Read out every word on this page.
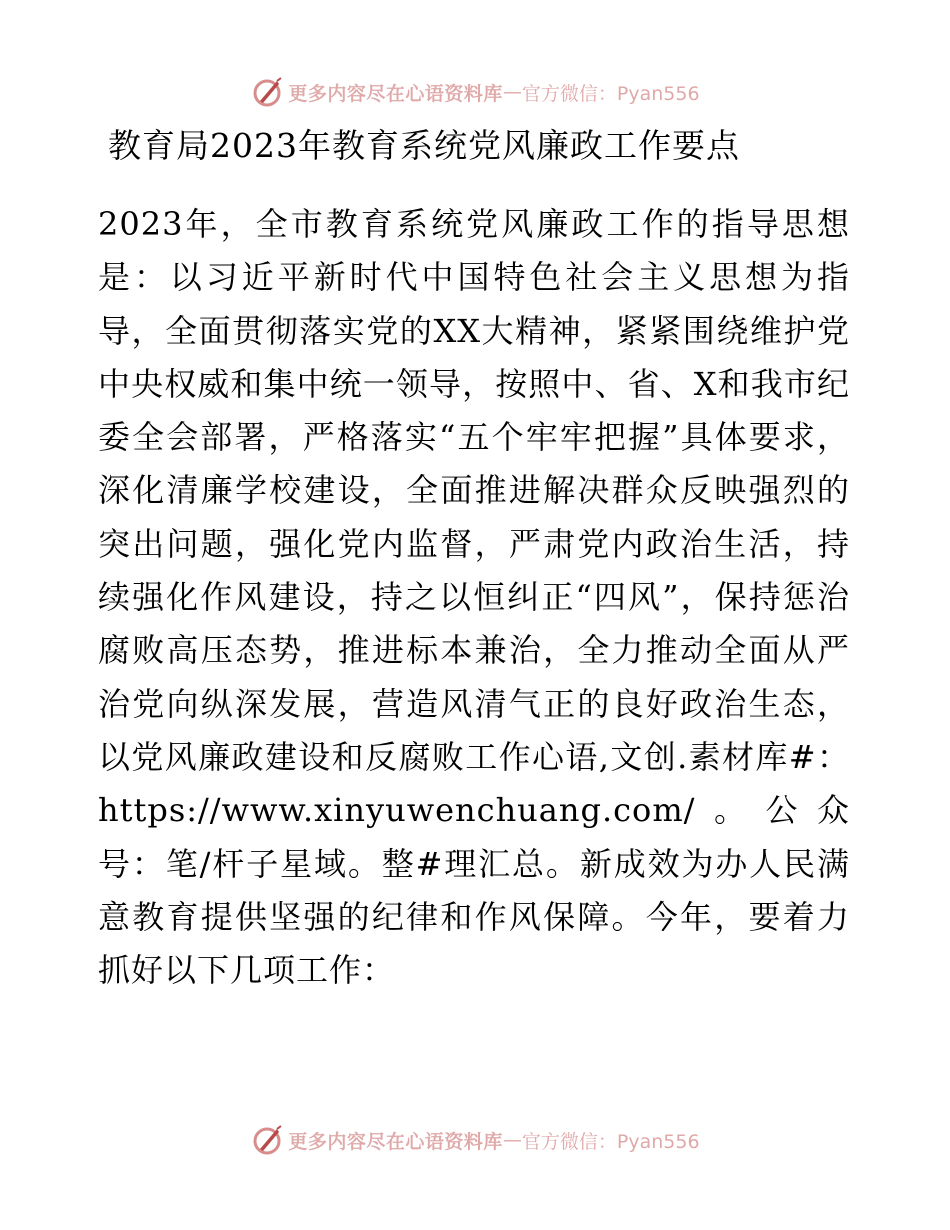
更多内容尽在心语资料库 — 官方微信：Pyan556
教育局2023年教育系统党风廉政工作要点

2023年，全市教育系统党风廉政工作的指导思想是：以习近平新时代中国特色社会主义思想为指导，全面贯彻落实党的XX大精神，紧紧围绕维护党中央权威和集中统一领导，按照中、省、X和我市纪委全会部署，严格落实“五个牢牢把握”具体要求，深化清廉学校建设，全面推进解决群众反映强烈的突出问题，强化党内监督，严肃党内政治生活，持续强化作风建设，持之以恒纠正“四风”，保持惩治腐败高压态势，推进标本兼治，全力推动全面从严治党向纵深发展，营造风清气正的良好政治生态，以党风廉政建设和反腐败工作心语,文创.素材库#：https://www.xinyuwenchuang.com/。公众号：笔/杆子星域。整#理汇总。新成效为办人民满意教育提供坚强的纪律和作风保障。今年，要着力抓好以下几项工作：

更多内容尽在心语资料库 — 官方微信：Pyan556
